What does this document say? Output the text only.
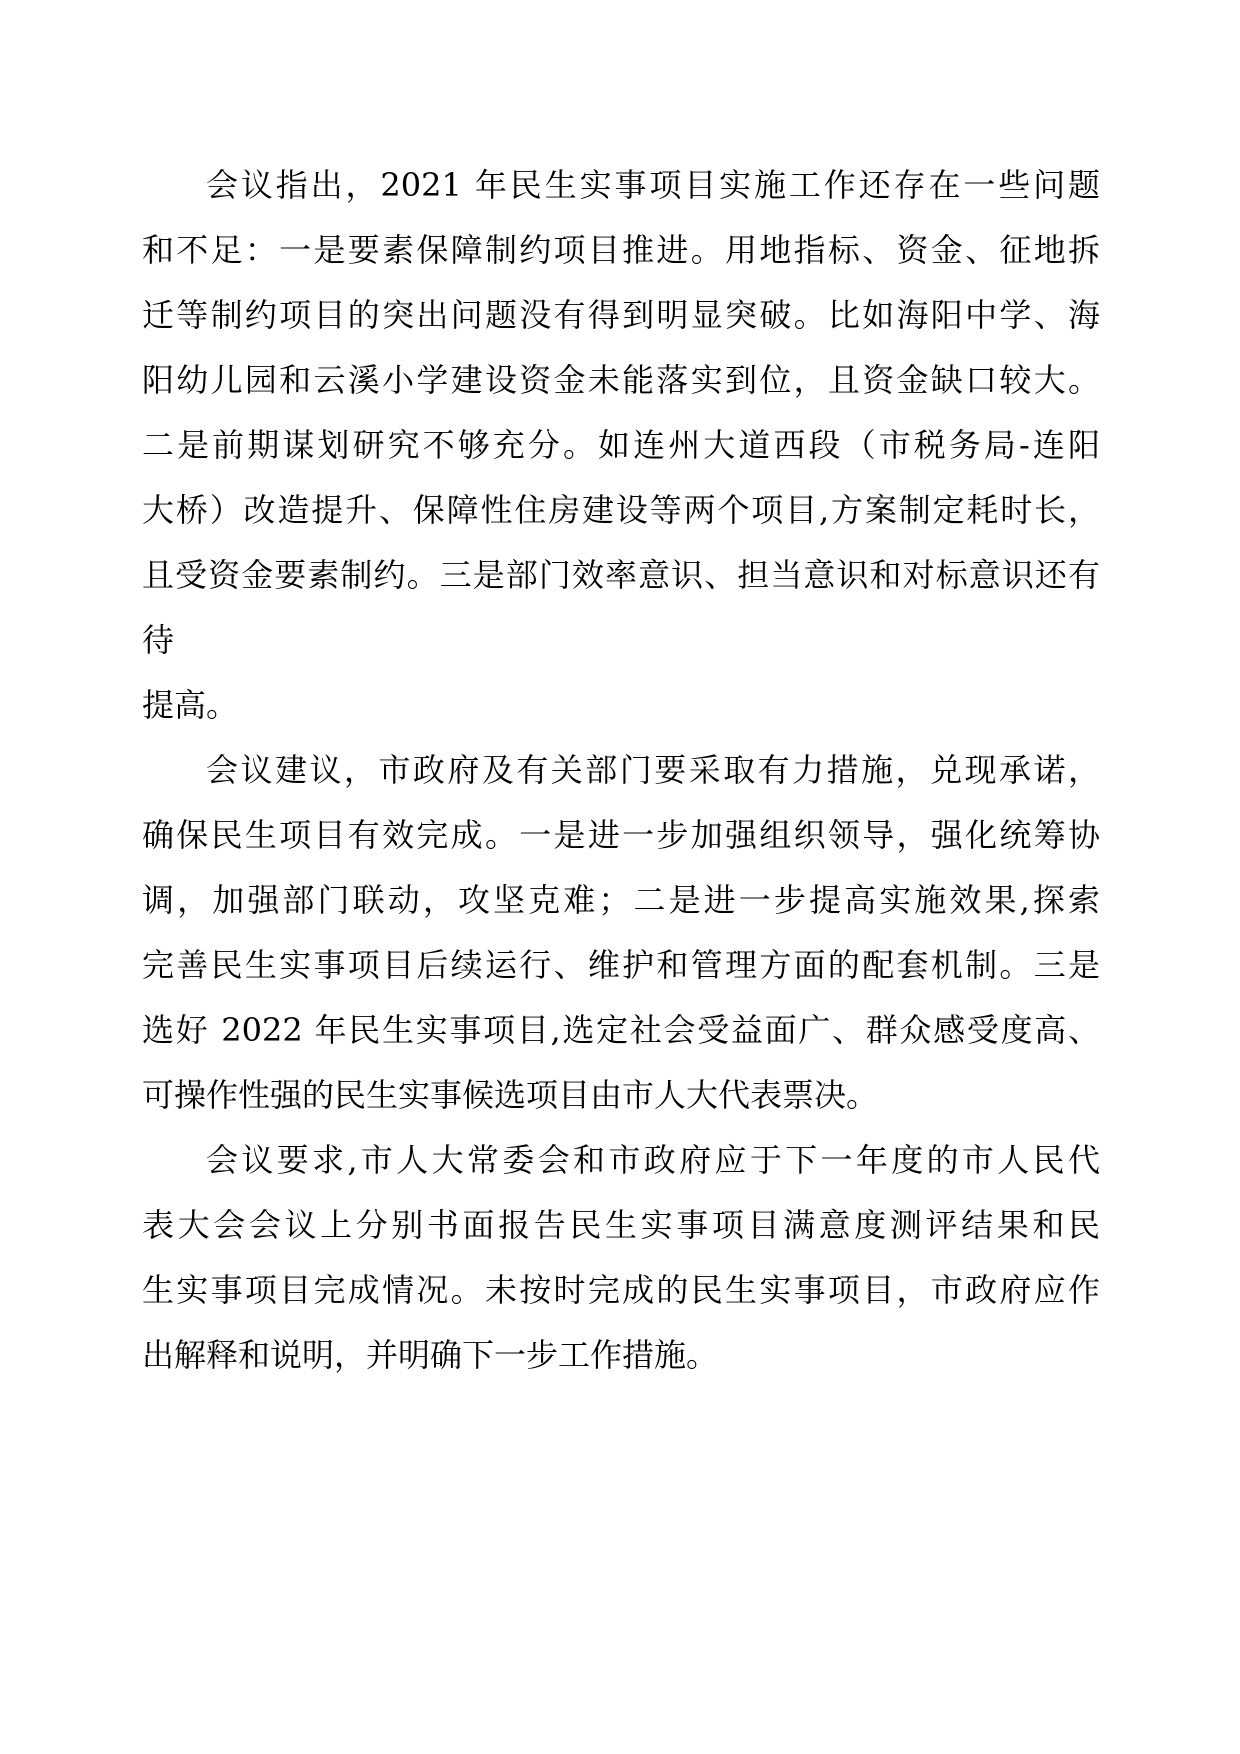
会议指出，2021 年民生实事项目实施工作还存在一些问题
和不足：一是要素保障制约项目推进。用地指标、资金、征地拆
迁等制约项目的突出问题没有得到明显突破。比如海阳中学、海
阳幼儿园和云溪小学建设资金未能落实到位，且资金缺口较大。
二是前期谋划研究不够充分。如连州大道西段（市税务局-连阳
大桥）改造提升、保障性住房建设等两个项目,方案制定耗时长，
且受资金要素制约。三是部门效率意识、担当意识和对标意识还有待
提高。
会议建议，市政府及有关部门要采取有力措施，兑现承诺，
确保民生项目有效完成。一是进一步加强组织领导，强化统筹协
调，加强部门联动，攻坚克难；二是进一步提高实施效果,探索
完善民生实事项目后续运行、维护和管理方面的配套机制。三是
选好 2022 年民生实事项目,选定社会受益面广、群众感受度高、
可操作性强的民生实事候选项目由市人大代表票决。
会议要求,市人大常委会和市政府应于下一年度的市人民代
表大会会议上分别书面报告民生实事项目满意度测评结果和民
生实事项目完成情况。未按时完成的民生实事项目，市政府应作
出解释和说明，并明确下一步工作措施。
